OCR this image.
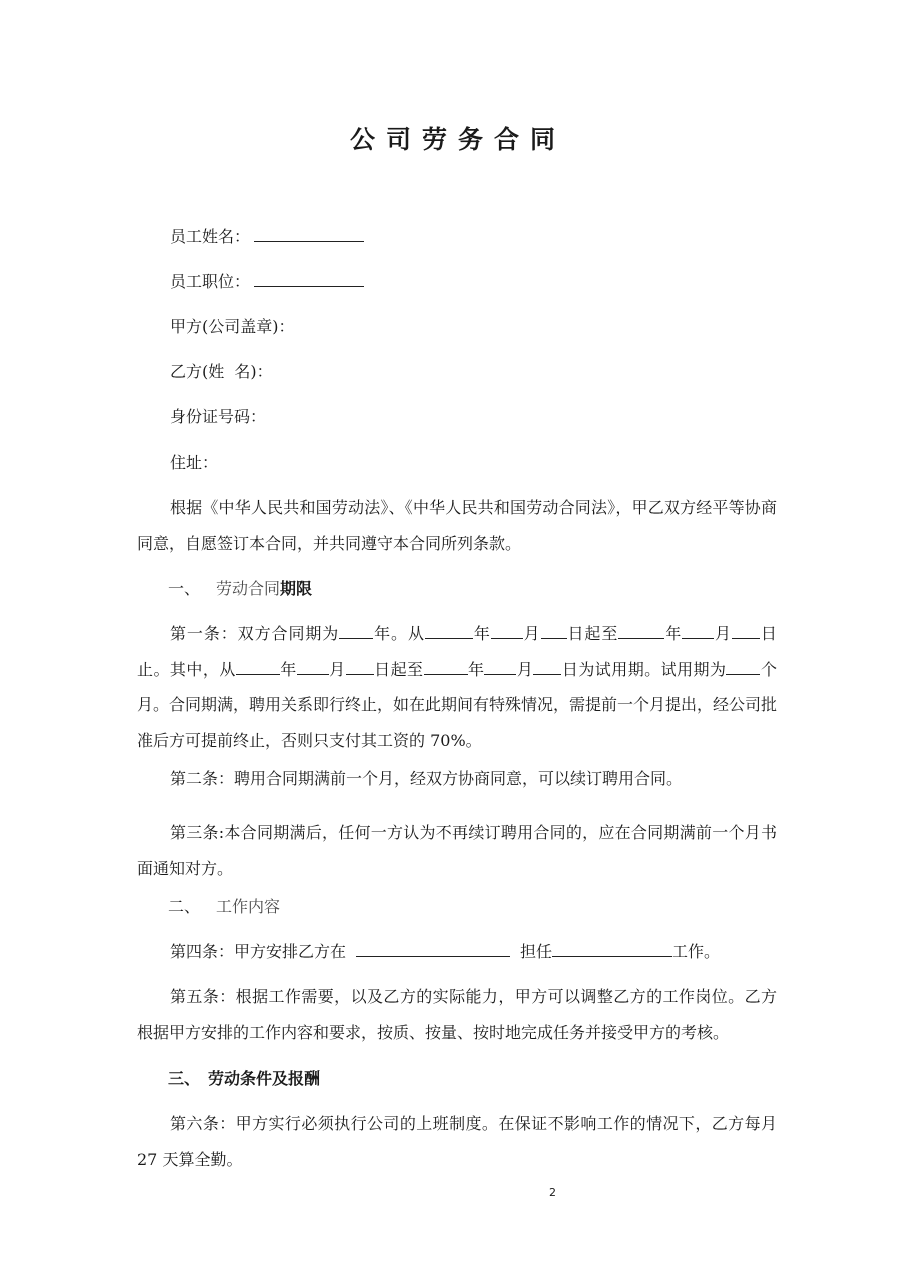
公司劳务合同
员工姓名：
员工职位：
甲方(公司盖章)：
乙方(姓  名)：
身份证号码：
住址：
根据《中华人民共和国劳动法》、《中华人民共和国劳动合同法》，甲乙双方经平等协商同意，自愿签订本合同，并共同遵守本合同所列条款。
一、 劳动合同期限
第一条：双方合同期为 年。从	年 月 日起至	年 月 日止。其中，从	年 月 日起至	年 月 日为试用期。试用期为 个月。合同期满，聘用关系即行终止，如在此期间有特殊情况，需提前一个月提出，经公司批准后方可提前终止，否则只支付其工资的 70%。
第二条：聘用合同期满前一个月，经双方协商同意，可以续订聘用合同。
第三条:本合同期满后，任何一方认为不再续订聘用合同的，应在合同期满前一个月书面通知对方。
二、 工作内容
第四条：甲方安排乙方在	担任	工作。
第五条：根据工作需要，以及乙方的实际能力，甲方可以调整乙方的工作岗位。乙方根据甲方安排的工作内容和要求，按质、按量、按时地完成任务并接受甲方的考核。
三、 劳动条件及报酬
第六条：甲方实行必须执行公司的上班制度。在保证不影响工作的情况下，乙方每月27 天算全勤。
2
